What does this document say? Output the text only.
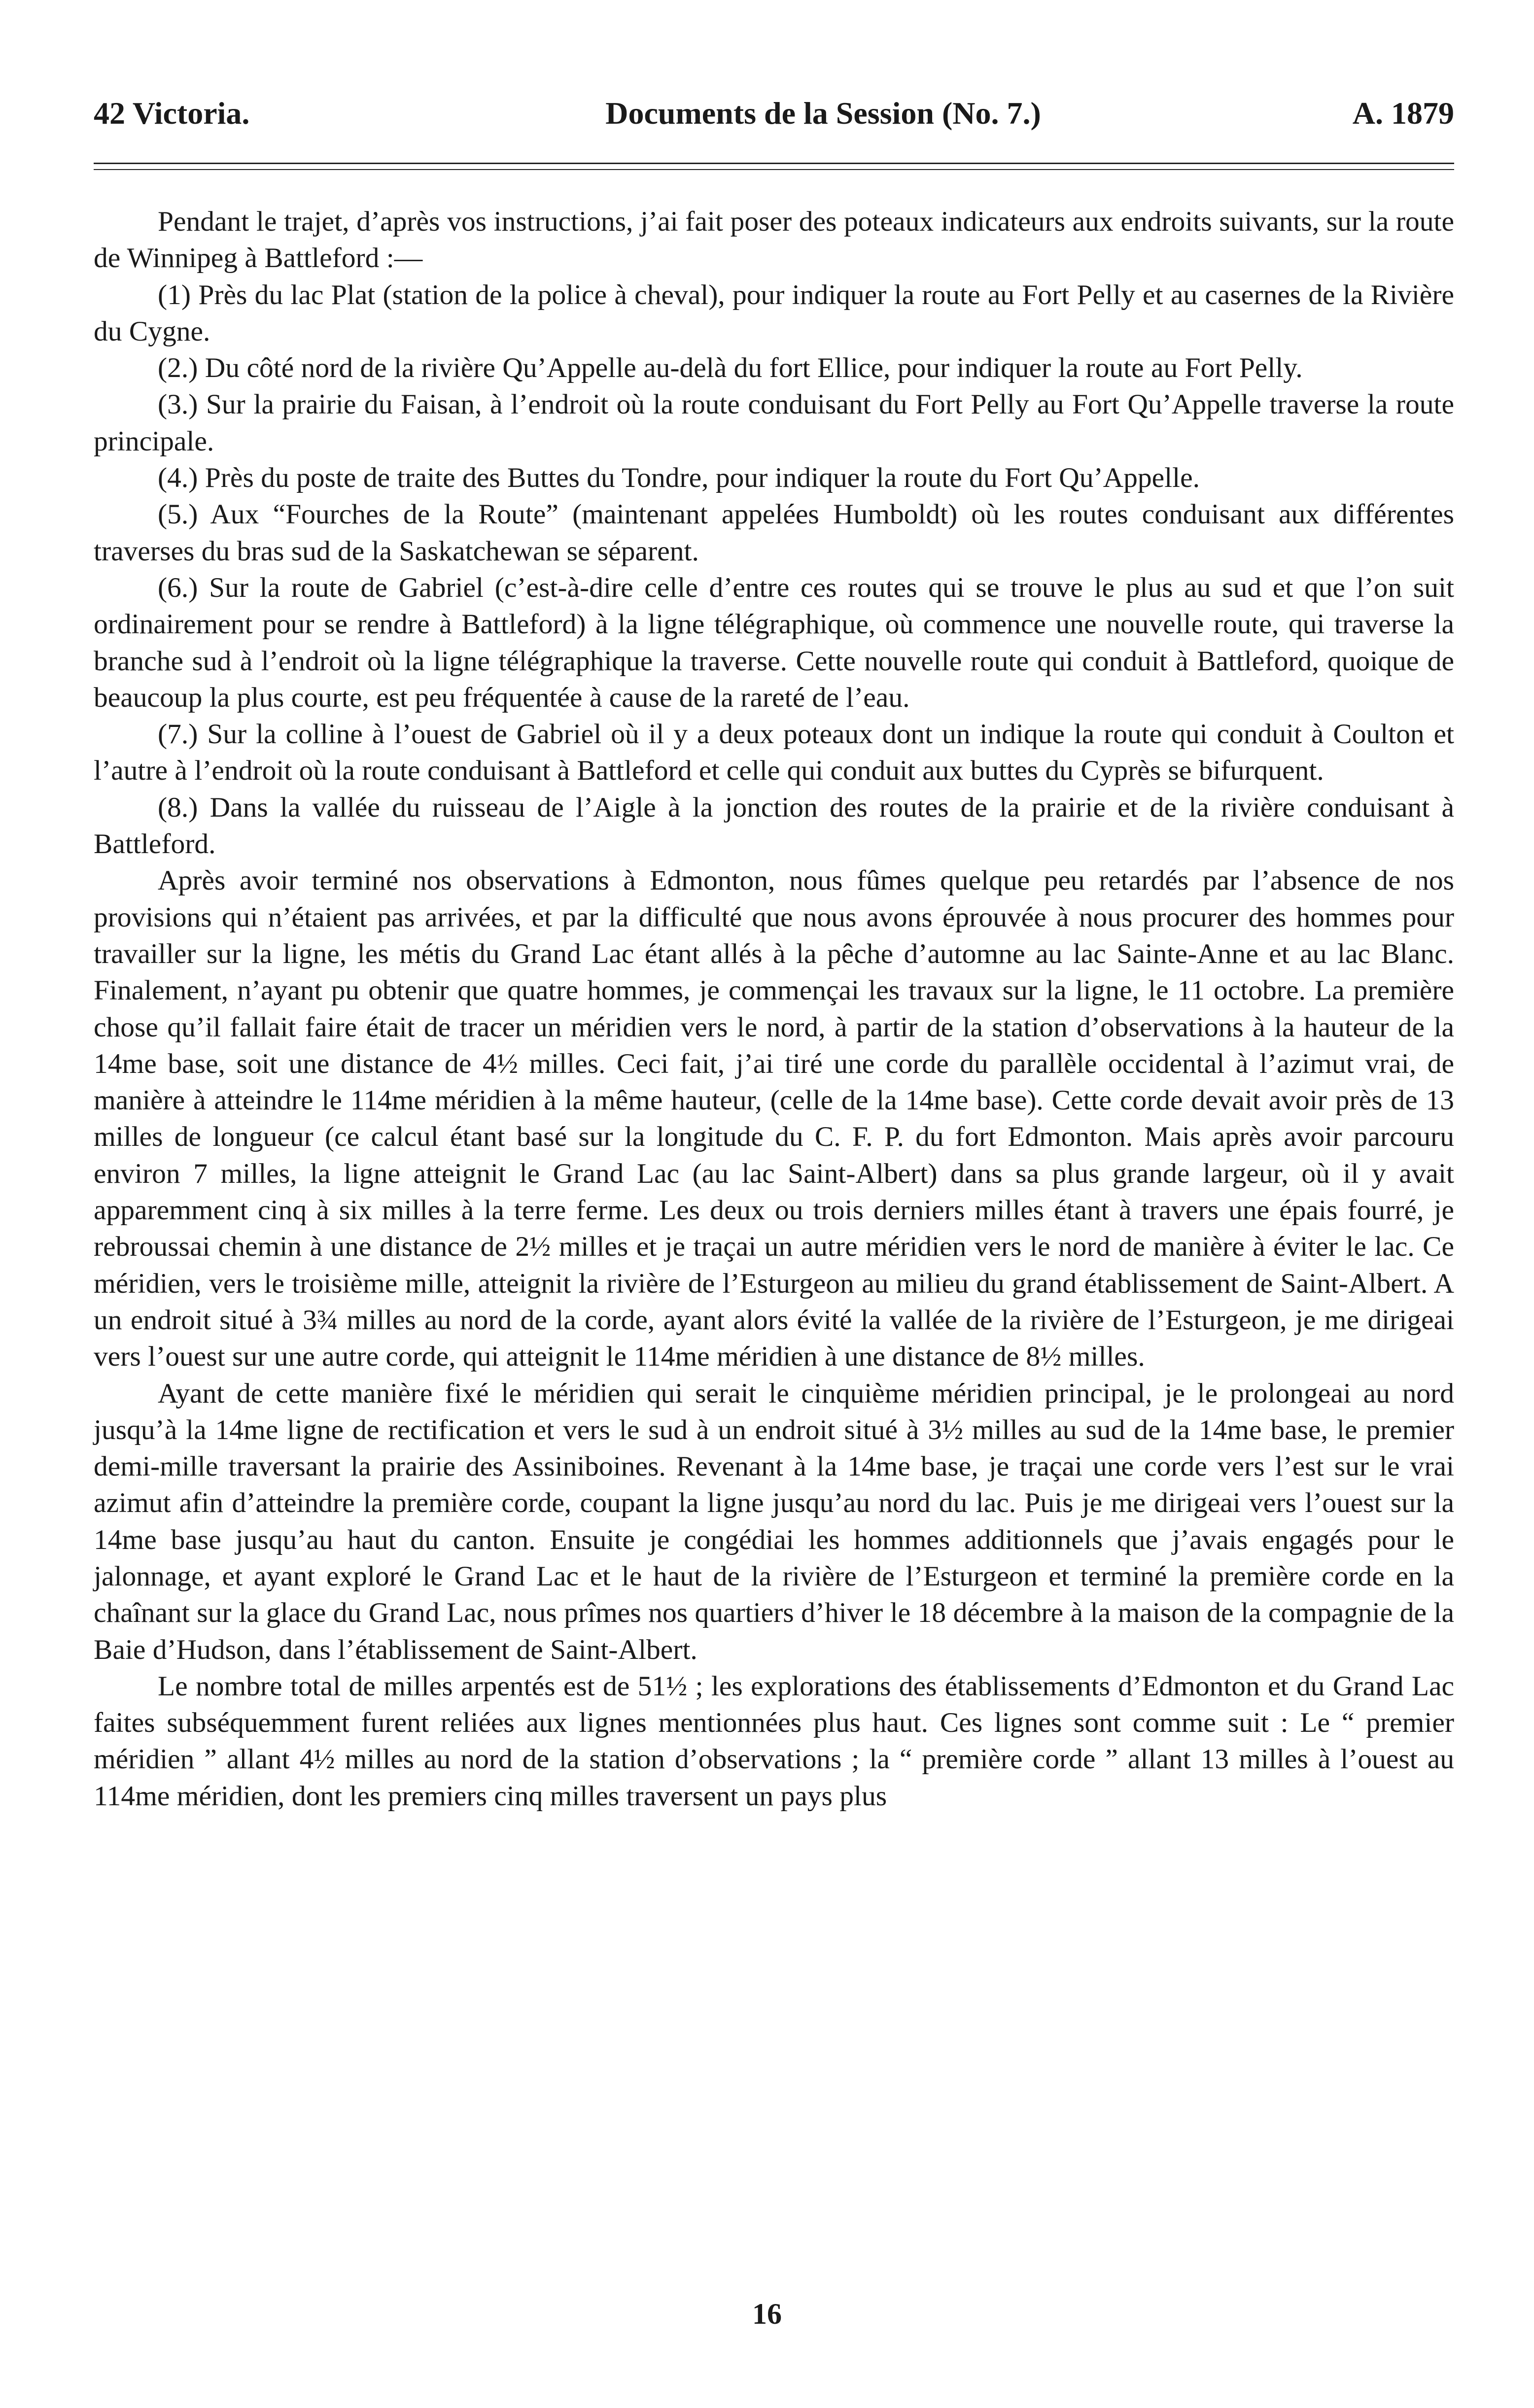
42 Victoria.	Documents de la Session (No. 7.)	A. 1879

Pendant le trajet, d’après vos instructions, j’ai fait poser des poteaux indicateurs aux endroits suivants, sur la route de Winnipeg à Battleford :—

(1) Près du lac Plat (station de la police à cheval), pour indiquer la route au Fort Pelly et au casernes de la Rivière du Cygne.

(2.) Du côté nord de la rivière Qu’Appelle au-delà du fort Ellice, pour indiquer la route au Fort Pelly.

(3.) Sur la prairie du Faisan, à l’endroit où la route conduisant du Fort Pelly au Fort Qu’Appelle traverse la route principale.

(4.) Près du poste de traite des Buttes du Tondre, pour indiquer la route du Fort Qu’Appelle.

(5.) Aux “Fourches de la Route” (maintenant appelées Humboldt) où les routes conduisant aux différentes traverses du bras sud de la Saskatchewan se séparent.

(6.) Sur la route de Gabriel (c’est-à-dire celle d’entre ces routes qui se trouve le plus au sud et que l’on suit ordinairement pour se rendre à Battleford) à la ligne télégraphique, où commence une nouvelle route, qui traverse la branche sud à l’endroit où la ligne télégraphique la traverse. Cette nouvelle route qui conduit à Battleford, quoique de beaucoup la plus courte, est peu fréquentée à cause de la rareté de l’eau.

(7.) Sur la colline à l’ouest de Gabriel où il y a deux poteaux dont un indique la route qui conduit à Coulton et l’autre à l’endroit où la route conduisant à Battleford et celle qui conduit aux buttes du Cyprès se bifurquent.

(8.) Dans la vallée du ruisseau de l’Aigle à la jonction des routes de la prairie et de la rivière conduisant à Battleford.

Après avoir terminé nos observations à Edmonton, nous fûmes quelque peu retardés par l’absence de nos provisions qui n’étaient pas arrivées, et par la difficulté que nous avons éprouvée à nous procurer des hommes pour travailler sur la ligne, les métis du Grand Lac étant allés à la pêche d’automne au lac Sainte-Anne et au lac Blanc. Finalement, n’ayant pu obtenir que quatre hommes, je commençai les travaux sur la ligne, le 11 octobre. La première chose qu’il fallait faire était de tracer un méridien vers le nord, à partir de la station d’observations à la hauteur de la 14me base, soit une distance de 4½ milles. Ceci fait, j’ai tiré une corde du parallèle occidental à l’azimut vrai, de manière à atteindre le 114me méridien à la même hauteur, (celle de la 14me base). Cette corde devait avoir près de 13 milles de longueur (ce calcul étant basé sur la longitude du C. F. P. du fort Edmonton. Mais après avoir parcouru environ 7 milles, la ligne atteignit le Grand Lac (au lac Saint-Albert) dans sa plus grande largeur, où il y avait apparemment cinq à six milles à la terre ferme. Les deux ou trois derniers milles étant à travers une épais fourré, je rebroussai chemin à une distance de 2½ milles et je traçai un autre méridien vers le nord de manière à éviter le lac. Ce méridien, vers le troisième mille, atteignit la rivière de l’Esturgeon au milieu du grand établissement de Saint-Albert. A un endroit situé à 3¾ milles au nord de la corde, ayant alors évité la vallée de la rivière de l’Esturgeon, je me dirigeai vers l’ouest sur une autre corde, qui atteignit le 114me méridien à une distance de 8½ milles.

Ayant de cette manière fixé le méridien qui serait le cinquième méridien principal, je le prolongeai au nord jusqu’à la 14me ligne de rectification et vers le sud à un endroit situé à 3½ milles au sud de la 14me base, le premier demi-mille traversant la prairie des Assiniboines. Revenant à la 14me base, je traçai une corde vers l’est sur le vrai azimut afin d’atteindre la première corde, coupant la ligne jusqu’au nord du lac. Puis je me dirigeai vers l’ouest sur la 14me base jusqu’au haut du canton. Ensuite je congédiai les hommes additionnels que j’avais engagés pour le jalonnage, et ayant exploré le Grand Lac et le haut de la rivière de l’Esturgeon et terminé la première corde en la chaînant sur la glace du Grand Lac, nous prîmes nos quartiers d’hiver le 18 décembre à la maison de la compagnie de la Baie d’Hudson, dans l’établissement de Saint-Albert.

Le nombre total de milles arpentés est de 51½ ; les explorations des établissements d’Edmonton et du Grand Lac faites subséquemment furent reliées aux lignes mentionnées plus haut. Ces lignes sont comme suit : Le “ premier méridien ” allant 4½ milles au nord de la station d’observations ; la “ première corde ” allant 13 milles à l’ouest au 114me méridien, dont les premiers cinq milles traversent un pays plus

16
